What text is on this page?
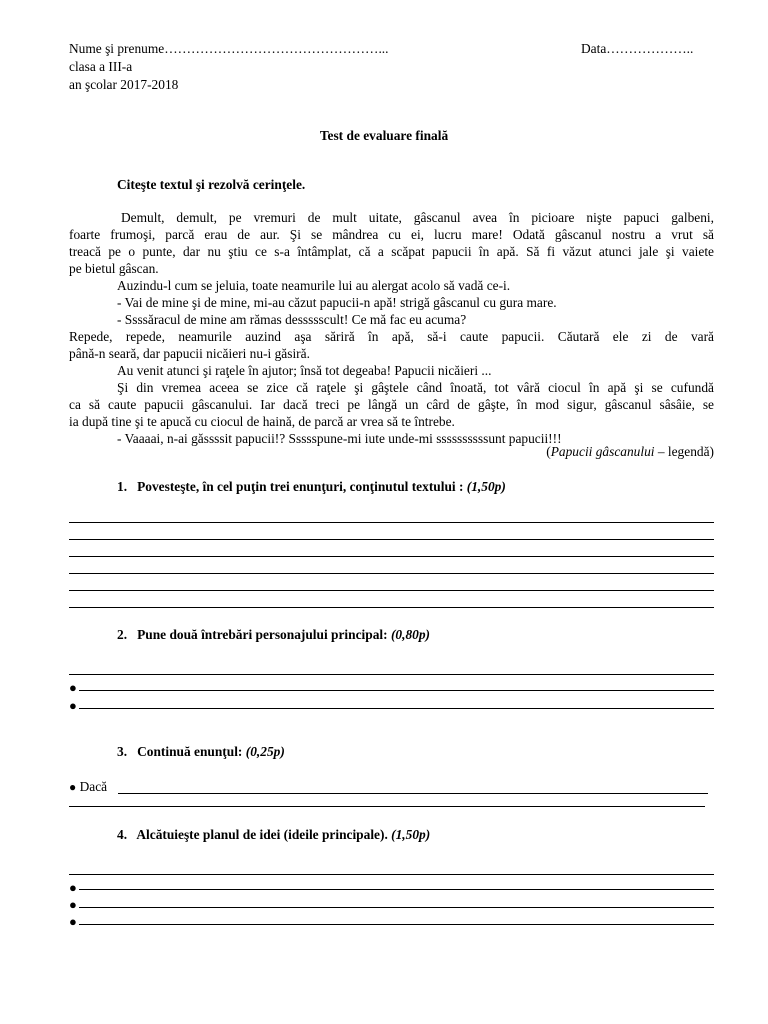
Nume şi prenume…………………………………………...	Data………………..
clasa a III-a
an şcolar 2017-2018
Test de evaluare finală
Citeşte textul şi rezolvă cerinţele.
Demult, demult, pe vremuri de mult uitate, gâscanul avea în picioare nişte papuci galbeni,
foarte frumoşi, parcă erau de aur. Şi se mândrea cu ei, lucru mare! Odată gâscanul nostru a vrut să
treacă pe o punte, dar nu ştiu ce s-a întâmplat, că a scăpat papucii în apă. Să fi văzut atunci jale şi vaiete
pe bietul gâscan.
Auzindu-l cum se jeluia, toate neamurile lui au alergat acolo să vadă ce-i.
- Vai de mine şi de mine, mi-au căzut papucii-n apă! strigă gâscanul cu gura mare.
- Ssssăracul de mine am rămas dessssscult! Ce mă fac eu acuma?
Repede, repede, neamurile auzind aşa săriră în apă, să-i caute papucii. Căutară ele zi de vară
până-n seară, dar papucii nicăieri nu-i găsiră.
Au venit atunci şi raţele în ajutor; însă tot degeaba! Papucii nicăieri ...
Şi din vremea aceea se zice că raţele şi gâştele când înoată, tot vâră ciocul în apă şi se cufundă
ca să caute papucii gâscanului. Iar dacă treci pe lângă un cârd de gâşte, în mod sigur, gâscanul sâsâie, se
ia după tine şi te apucă cu ciocul de haină, de parcă ar vrea să te întrebe.
- Vaaaai, n-ai găssssit papucii!? Ssssspune-mi iute unde-mi ssssssssssunt papucii!!!
(Papucii gâscanului – legendă)
1. Povesteşte, în cel puţin trei enunţuri, conţinutul textului : (1,50p)
2. Pune două întrebări personajului principal: (0,80p)
●
●
3. Continuă enunţul: (0,25p)
● Dacă
4. Alcătuieşte planul de idei (ideile principale). (1,50p)
●
●
●
